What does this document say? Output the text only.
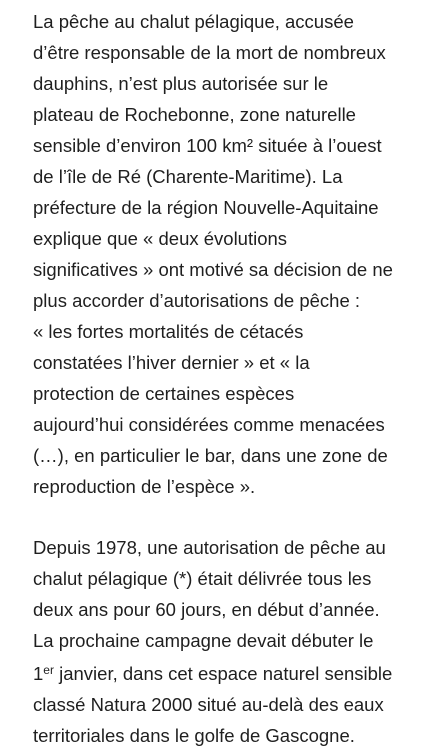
La pêche au chalut pélagique, accusée
d’être responsable de la mort de nombreux
dauphins, n’est plus autorisée sur le
plateau de Rochebonne, zone naturelle
sensible d’environ 100 km² située à l’ouest
de l’île de Ré (Charente-Maritime). La
préfecture de la région Nouvelle-Aquitaine
explique que « deux évolutions
significatives » ont motivé sa décision de ne
plus accorder d’autorisations de pêche :
« les fortes mortalités de cétacés
constatées l’hiver dernier » et « la
protection de certaines espèces
aujourd’hui considérées comme menacées
(…), en particulier le bar, dans une zone de
reproduction de l’espèce ».
Depuis 1978, une autorisation de pêche au
chalut pélagique (*) était délivrée tous les
deux ans pour 60 jours, en début d’année.
La prochaine campagne devait débuter le
1er janvier, dans cet espace naturel sensible
classé Natura 2000 situé au-delà des eaux
territoriales dans le golfe de Gascogne.
